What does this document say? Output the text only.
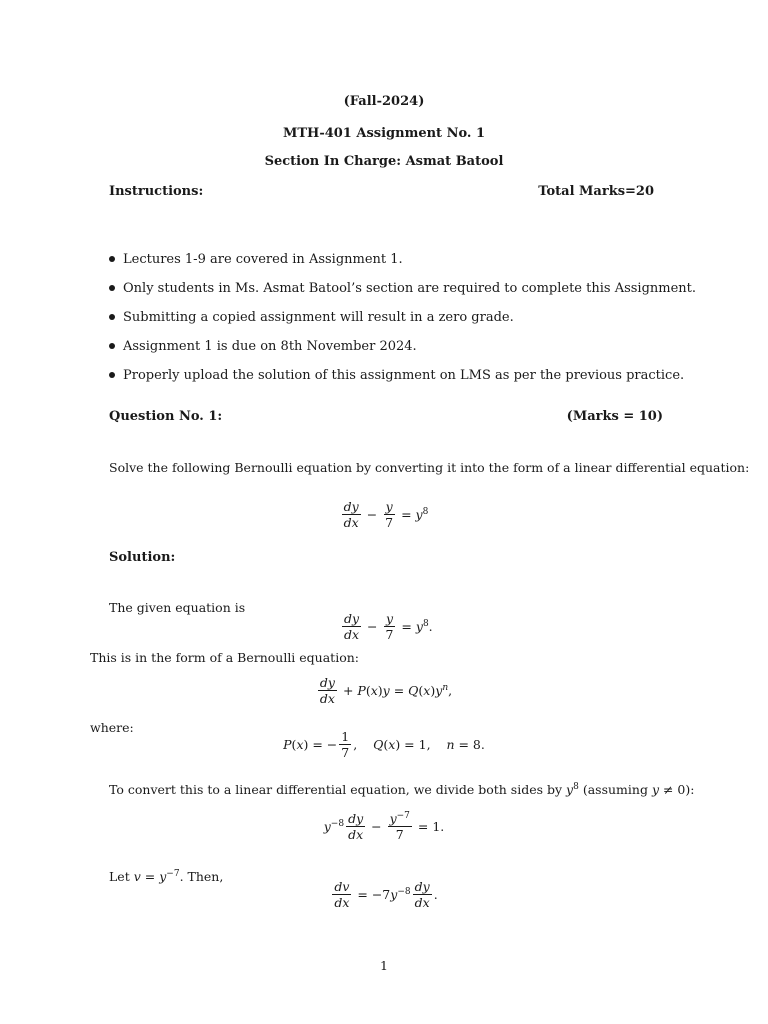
(Fall-2024)
MTH-401 Assignment No. 1
Section In Charge: Asmat Batool
Instructions:	Total Marks=20
Lectures 1-9 are covered in Assignment 1.
Only students in Ms. Asmat Batool’s section are required to complete this Assignment.
Submitting a copied assignment will result in a zero grade.
Assignment 1 is due on 8th November 2024.
Properly upload the solution of this assignment on LMS as per the previous practice.
Question No. 1:	(Marks = 10)
Solve the following Bernoulli equation by converting it into the form of a linear differential equation:
$\frac{dy}{dx} - \frac{y}{7} = y^8$
Solution:
The given equation is
$\frac{dy}{dx} - \frac{y}{7} = y^8$.
This is in the form of a Bernoulli equation:
$\frac{dy}{dx} + P(x)y = Q(x)y^n$,
where:
P(x) = − $\frac{1}{7}$ , Q(x) = 1,    n = 8.
To convert this to a linear differential equation, we divide both sides by $y^8$ (assuming y ≠ 0):
$y^{-8} \frac{dy}{dx} - \frac{y^{-7}}{7} = 1$.
Let $v = y^{-7}$. Then,
$\frac{dv}{dx} = -7$ $y^{-8} \frac{dy}{dx}$ .
1
